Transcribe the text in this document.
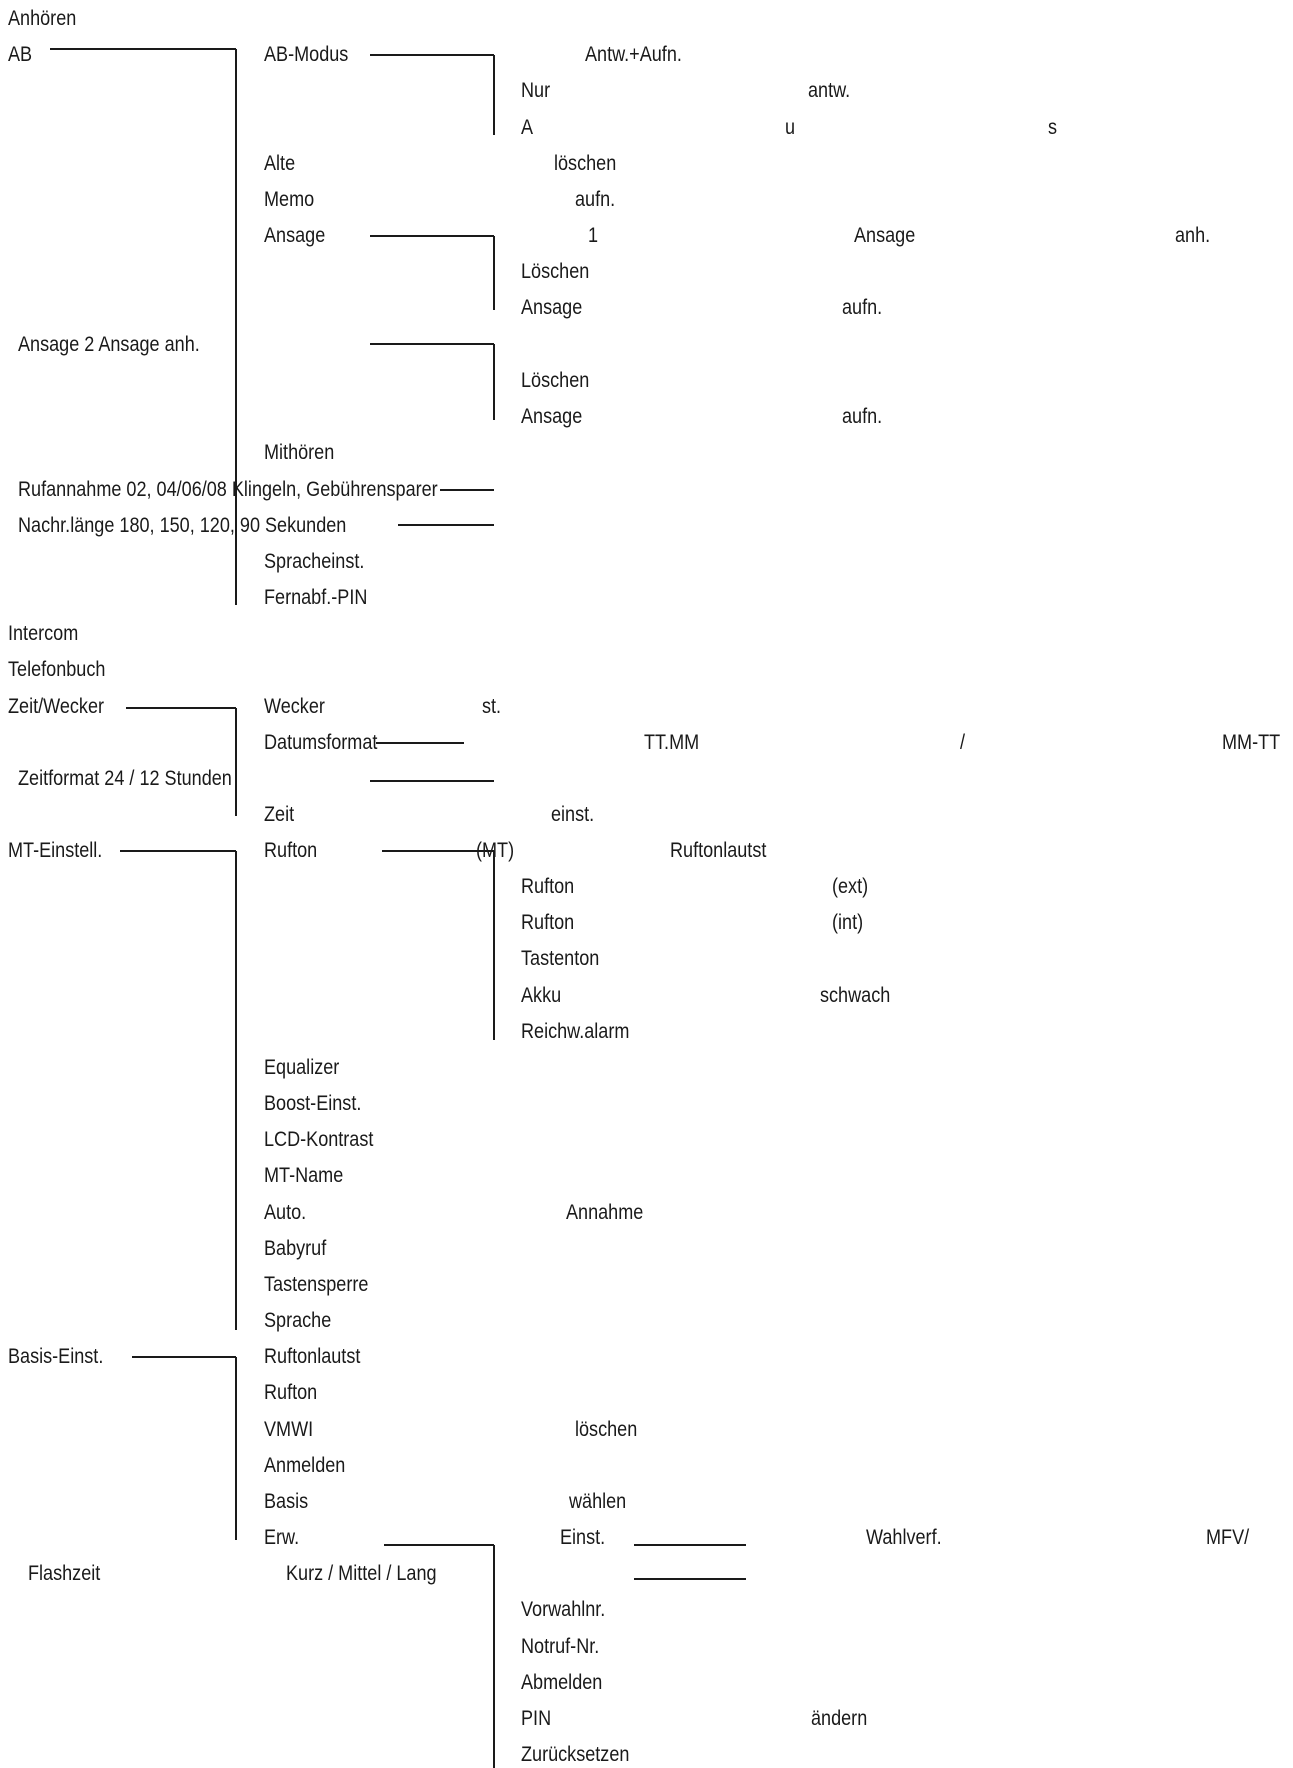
Anhören
AB	AB-Modus	Antw.+Aufn.
Nur	antw.
A	u	s
Alte	löschen
Memo	aufn.
Ansage	1	Ansage	anh.
Löschen
Ansage	aufn.
Ansage 2 Ansage anh.
Löschen
Ansage	aufn.
Mithören
Rufannahme 02, 04/06/08 Klingeln, Gebührensparer
Nachr.länge 180, 150, 120, 90 Sekunden
Spracheinst.
Fernabf.-PIN
Intercom
Telefonbuch
Zeit/Wecker	Wecker	st.
Datumsformat	TT.MM	/	MM-TT
Zeitformat 24 / 12 Stunden
Zeit	einst.
MT-Einstell.	Rufton	(MT)	Ruftonlautst
Rufton	(ext)
Rufton	(int)
Tastenton
Akku	schwach
Reichw.alarm
Equalizer
Boost-Einst.
LCD-Kontrast
MT-Name
Auto.	Annahme
Babyruf
Tastensperre
Sprache
Basis-Einst.	Ruftonlautst
Rufton
VMWI	löschen
Anmelden
Basis	wählen
Erw.	Einst.	Wahlverf.	MFV/
Flashzeit	Kurz / Mittel / Lang
Vorwahlnr.
Notruf-Nr.
Abmelden
PIN	ändern
Zurücksetzen
